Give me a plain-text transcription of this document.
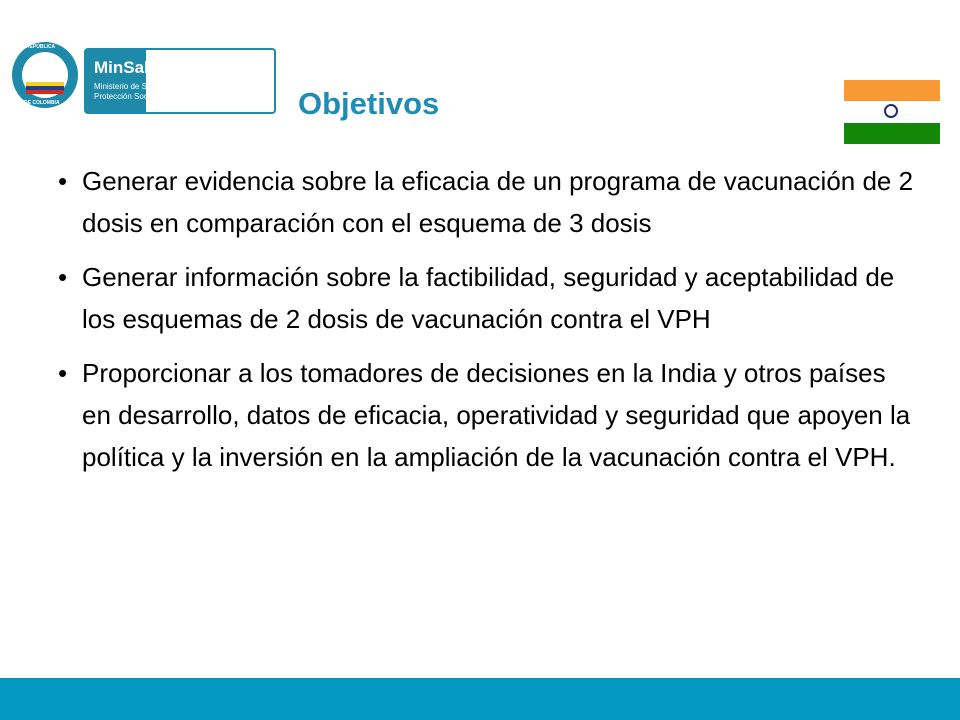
REPÚBLICA
DE COLOMBIA
MinSalud
Ministerio de Salud y Protección Social	Objetivos
• Generar evidencia sobre la eficacia de un programa de vacunación de 2 dosis en comparación con el esquema de 3 dosis
• Generar información sobre la factibilidad, seguridad y aceptabilidad de los esquemas de 2 dosis de vacunación contra el VPH
• Proporcionar a los tomadores de decisiones en la India y otros países en desarrollo, datos de eficacia, operatividad y seguridad que apoyen la política y la inversión en la ampliación de la vacunación contra el VPH.
